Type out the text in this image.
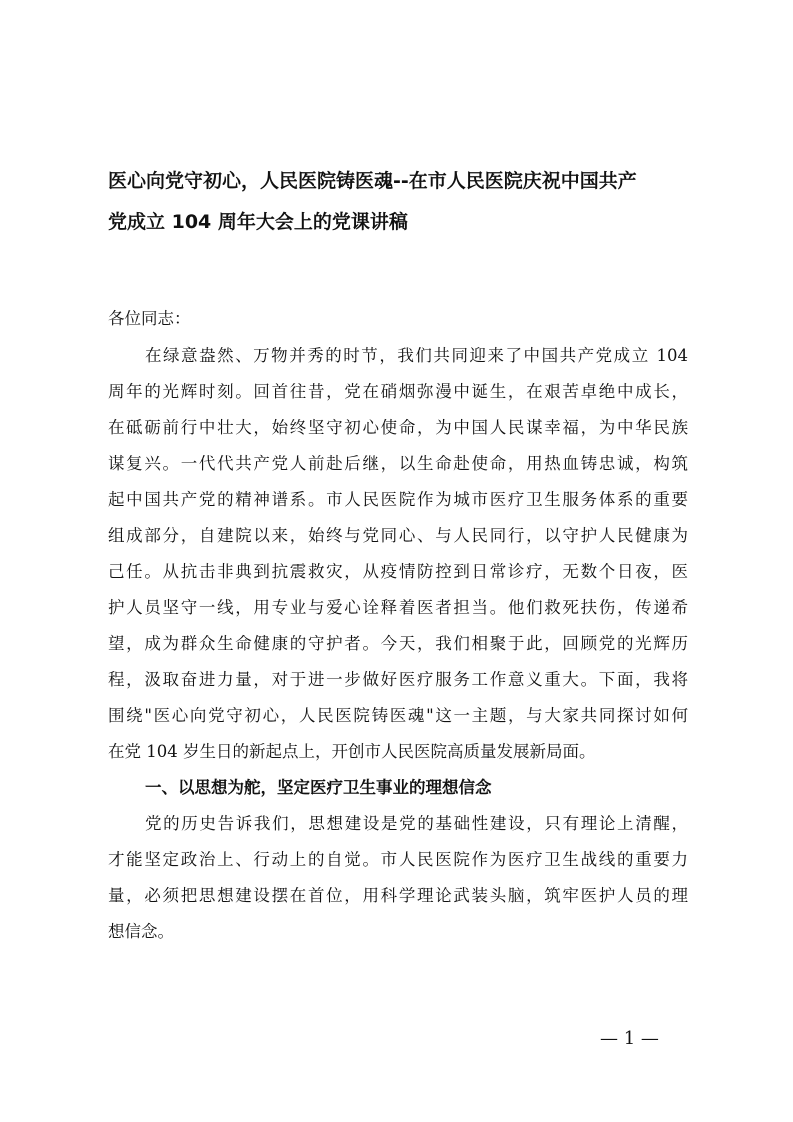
医心向党守初心，人民医院铸医魂--在市人民医院庆祝中国共产
党成立 104 周年大会上的党课讲稿
各位同志：
在绿意盎然、万物并秀的时节，我们共同迎来了中国共产党成立 104
周年的光辉时刻。回首往昔，党在硝烟弥漫中诞生，在艰苦卓绝中成长，
在砥砺前行中壮大，始终坚守初心使命，为中国人民谋幸福，为中华民族
谋复兴。一代代共产党人前赴后继，以生命赴使命，用热血铸忠诚，构筑
起中国共产党的精神谱系。市人民医院作为城市医疗卫生服务体系的重要
组成部分，自建院以来，始终与党同心、与人民同行，以守护人民健康为
己任。从抗击非典到抗震救灾，从疫情防控到日常诊疗，无数个日夜，医
护人员坚守一线，用专业与爱心诠释着医者担当。他们救死扶伤，传递希
望，成为群众生命健康的守护者。今天，我们相聚于此，回顾党的光辉历
程，汲取奋进力量，对于进一步做好医疗服务工作意义重大。下面，我将
围绕"医心向党守初心，人民医院铸医魂"这一主题，与大家共同探讨如何
在党 104 岁生日的新起点上，开创市人民医院高质量发展新局面。
一、以思想为舵，坚定医疗卫生事业的理想信念
党的历史告诉我们，思想建设是党的基础性建设，只有理论上清醒，
才能坚定政治上、行动上的自觉。市人民医院作为医疗卫生战线的重要力
量，必须把思想建设摆在首位，用科学理论武装头脑，筑牢医护人员的理
想信念。
— 1 —
